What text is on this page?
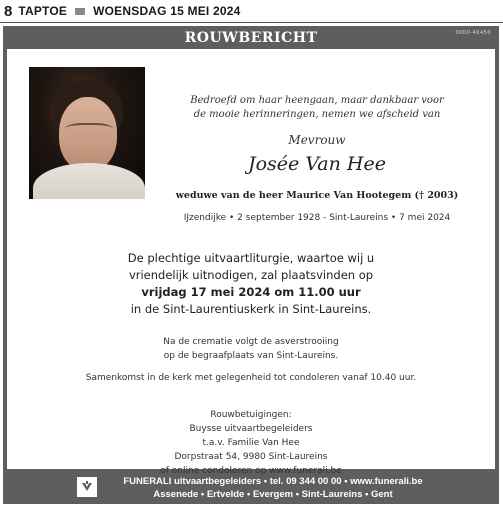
8 TAPTOE WOENSDAG 15 MEI 2024
ROUWBERICHT	0000-40450
Bedroefd om haar heengaan, maar dankbaar voor
de mooie herinneringen, nemen we afscheid van
Mevrouw
Josée Van Hee
weduwe van de heer Maurice Van Hootegem († 2003)
IJzendijke • 2 september 1928 - Sint-Laureins • 7 mei 2024
De plechtige uitvaartliturgie, waartoe wij u
vriendelijk uitnodigen, zal plaatsvinden op
vrijdag 17 mei 2024 om 11.00 uur
in de Sint-Laurentiuskerk in Sint-Laureins.
Na de crematie volgt de asverstrooiing
op de begraafplaats van Sint-Laureins.
Samenkomst in de kerk met gelegenheid tot condoleren vanaf 10.40 uur.
Rouwbetuigingen:
Buysse uitvaartbegeleiders
t.a.v. Familie Van Hee
Dorpstraat 54, 9980 Sint-Laureins
of online condoleren op www.funerali.be
FUNERALI uitvaartbegeleiders • tel. 09 344 00 00 • www.funerali.be
Assenede • Ertvelde • Evergem • Sint-Laureins • Gent
